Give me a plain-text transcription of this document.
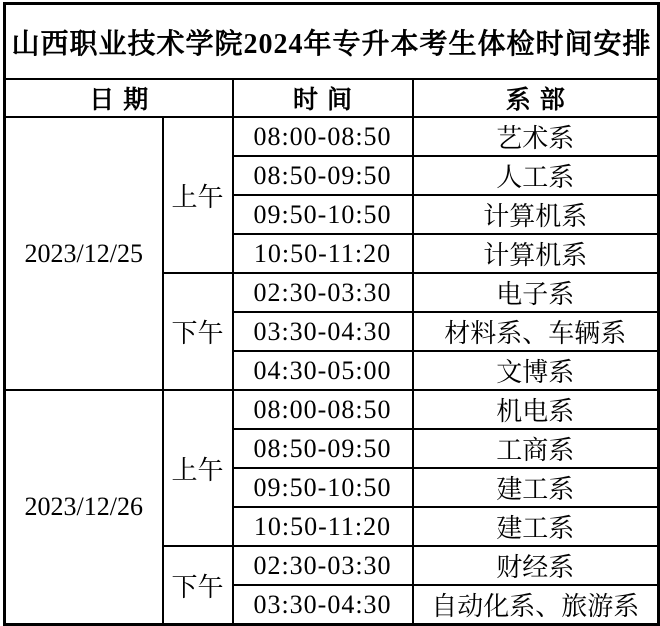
山西职业技术学院2024年专升本考生体检时间安排			
日期		时间	系部
2023/12/25	上午	08:00-08:50	艺术系
		08:50-09:50	人工系
		09:50-10:50	计算机系
		10:50-11:20	计算机系
	下午	02:30-03:30	电子系
		03:30-04:30	材料系、车辆系
		04:30-05:00	文博系
2023/12/26	上午	08:00-08:50	机电系
		08:50-09:50	工商系
		09:50-10:50	建工系
		10:50-11:20	建工系
	下午	02:30-03:30	财经系
		03:30-04:30	自动化系、旅游系
